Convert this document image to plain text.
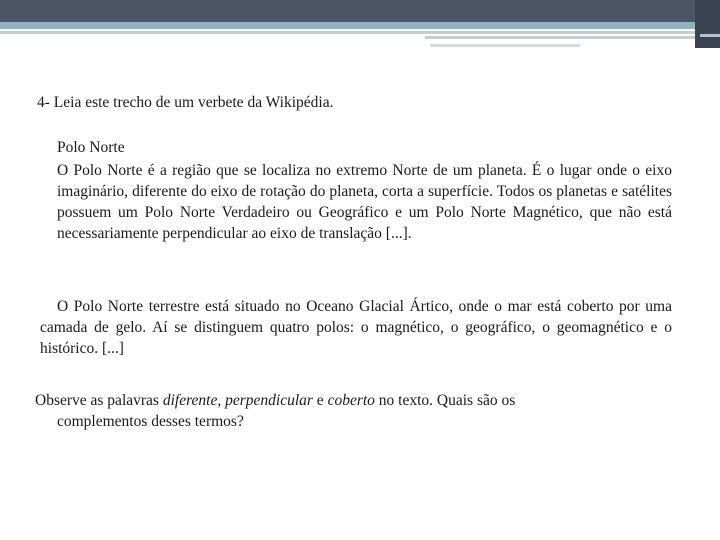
4- Leia este trecho de um verbete da Wikipédia.
Polo Norte
O Polo Norte é a região que se localiza no extremo Norte de um planeta. É o lugar onde o eixo imaginário, diferente do eixo de rotação do planeta, corta a superfície. Todos os planetas e satélites possuem um Polo Norte Verdadeiro ou Geográfico e um Polo Norte Magnético, que não está necessariamente perpendicular ao eixo de translação [...].
O Polo Norte terrestre está situado no Oceano Glacial Ártico, onde o mar está coberto por uma camada de gelo. Aí se distinguem quatro polos: o magnético, o geográfico, o geomagnético e o histórico. [...]
Observe as palavras diferente, perpendicular e coberto no texto. Quais são os
complementos desses termos?
